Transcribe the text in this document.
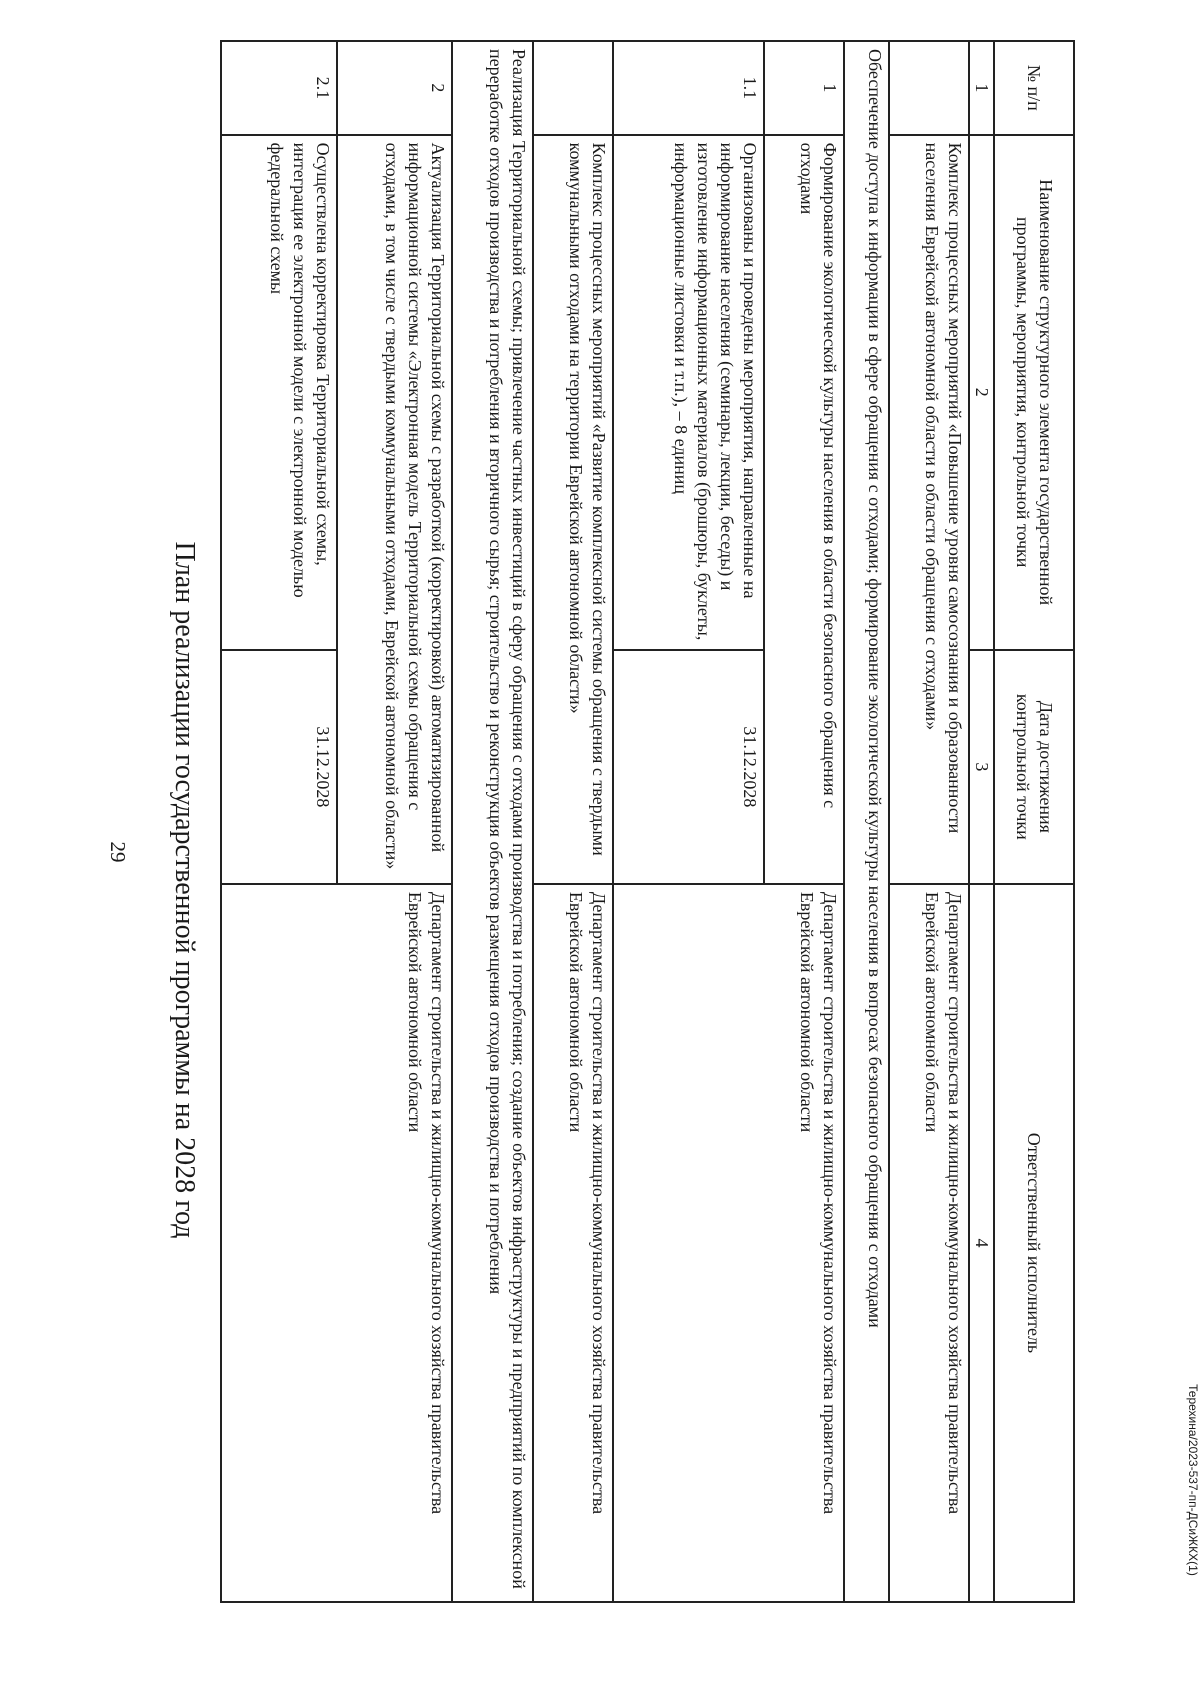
29 План реализации государственной программы на 2028 год
№ п/п	Наименование структурного элемента государственной программы, мероприятия, контрольной точки	Дата достижения контрольной точки	Ответственный исполнитель
1	2	3	4
	Комплекс процессных мероприятий «Повышение уровня самосознания и образованности населения Еврейской автономной области в области обращения с отходами»		Департамент строительства и жилищно-коммунального хозяйства правительства Еврейской автономной области
Обеспечение доступа к информации в сфере обращения с отходами; формирование экологической культуры населения в вопросах безопасного обращения с отходами			
1	Формирование экологической культуры населения в области безопасного обращения с отходами		Департамент строительства и жилищно-коммунального хозяйства правительства Еврейской автономной области
1.1	Организованы и проведены мероприятия, направленные на информирование населения (семинары, лекции, беседы) и изготовление информационных материалов (брошюры, буклеты, информационные листовки и т.п.), – 8 единиц	31.12.2028	
	Комплекс процессных мероприятий «Развитие комплексной системы обращения с твердыми коммунальными отходами на территории Еврейской автономной области»		Департамент строительства и жилищно-коммунального хозяйства правительства Еврейской автономной области
Реализация Территориальной схемы; привлечение частных инвестиций в сферу обращения с отходами производства и потребления; создание объектов инфраструктуры и предприятий по комплексной переработке отходов производства и потребления и вторичного сырья; строительство и реконструкция объектов размещения отходов производства и потребления			
2	Актуализация Территориальной схемы с разработкой (корректировкой) автоматизированной информационной системы «Электронная модель Территориальной схемы обращения с отходами, в том числе с твердыми коммунальными отходами, Еврейской автономной области»		Департамент строительства и жилищно-коммунального хозяйства правительства Еврейской автономной области
2.1	Осуществлена корректировка Территориальной схемы, интеграция ее электронной модели с электронной моделью федеральной схемы	31.12.2028	
Терехина/2023-537-пп-ДСиЖКХ(1)
